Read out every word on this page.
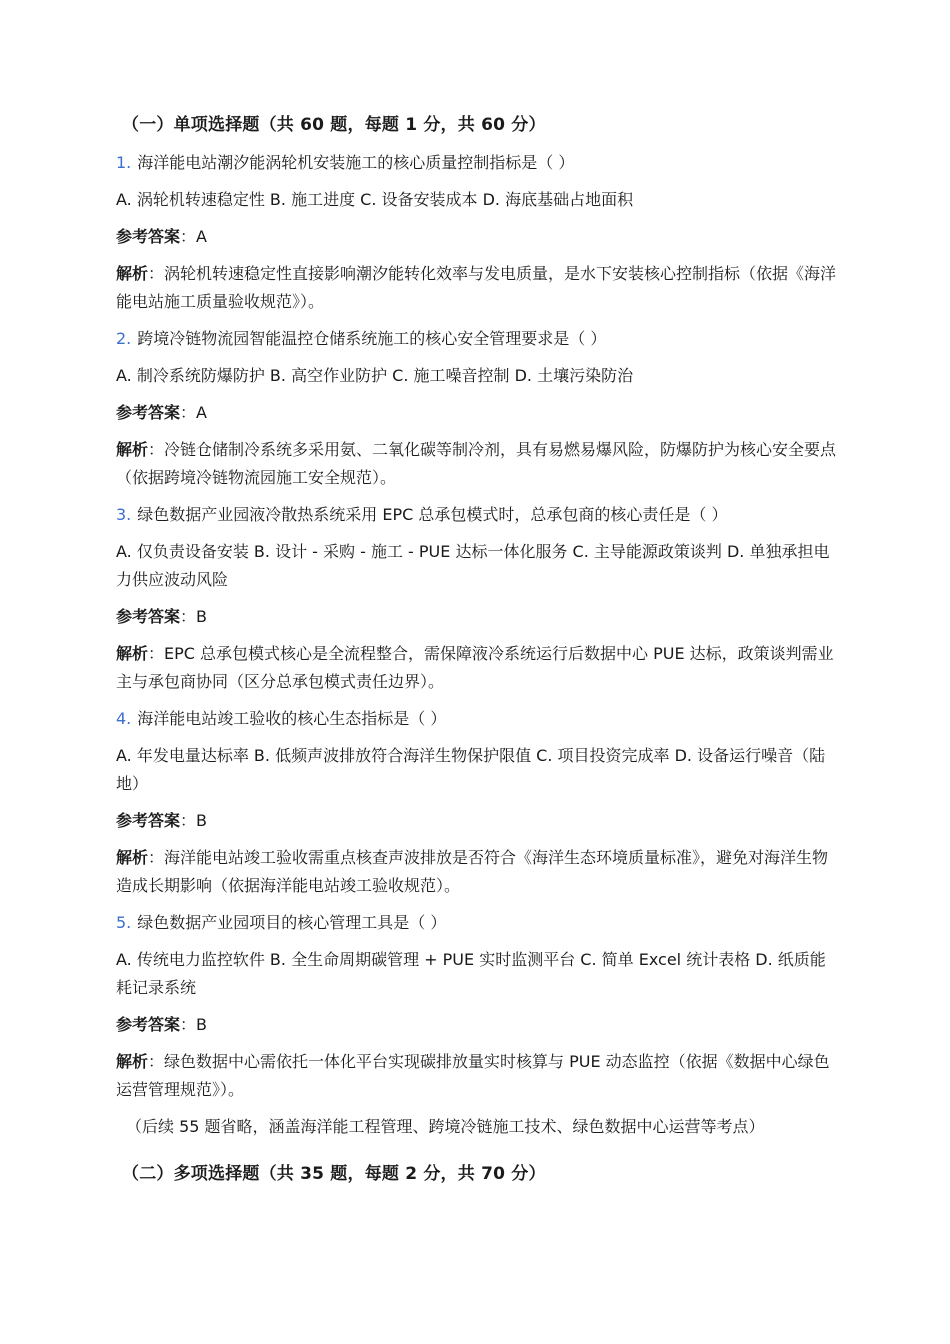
（一）单项选择题（共 60 题，每题 1 分，共 60 分）
1. 海洋能电站潮汐能涡轮机安装施工的核心质量控制指标是（ ）
A. 涡轮机转速稳定性 B. 施工进度 C. 设备安装成本 D. 海底基础占地面积
参考答案：A
解析：涡轮机转速稳定性直接影响潮汐能转化效率与发电质量，是水下安装核心控制指标（依据《海洋能电站施工质量验收规范》）。
2. 跨境冷链物流园智能温控仓储系统施工的核心安全管理要求是（ ）
A. 制冷系统防爆防护 B. 高空作业防护 C. 施工噪音控制 D. 土壤污染防治
参考答案：A
解析：冷链仓储制冷系统多采用氨、二氧化碳等制冷剂，具有易燃易爆风险，防爆防护为核心安全要点（依据跨境冷链物流园施工安全规范）。
3. 绿色数据产业园液冷散热系统采用 EPC 总承包模式时，总承包商的核心责任是（ ）
A. 仅负责设备安装 B. 设计 - 采购 - 施工 - PUE 达标一体化服务 C. 主导能源政策谈判 D. 单独承担电力供应波动风险
参考答案：B
解析：EPC 总承包模式核心是全流程整合，需保障液冷系统运行后数据中心 PUE 达标，政策谈判需业主与承包商协同（区分总承包模式责任边界）。
4. 海洋能电站竣工验收的核心生态指标是（ ）
A. 年发电量达标率 B. 低频声波排放符合海洋生物保护限值 C. 项目投资完成率 D. 设备运行噪音（陆地）
参考答案：B
解析：海洋能电站竣工验收需重点核查声波排放是否符合《海洋生态环境质量标准》，避免对海洋生物造成长期影响（依据海洋能电站竣工验收规范）。
5. 绿色数据产业园项目的核心管理工具是（ ）
A. 传统电力监控软件 B. 全生命周期碳管理 + PUE 实时监测平台 C. 简单 Excel 统计表格 D. 纸质能耗记录系统
参考答案：B
解析：绿色数据中心需依托一体化平台实现碳排放量实时核算与 PUE 动态监控（依据《数据中心绿色运营管理规范》）。
（后续 55 题省略，涵盖海洋能工程管理、跨境冷链施工技术、绿色数据中心运营等考点）
（二）多项选择题（共 35 题，每题 2 分，共 70 分）
